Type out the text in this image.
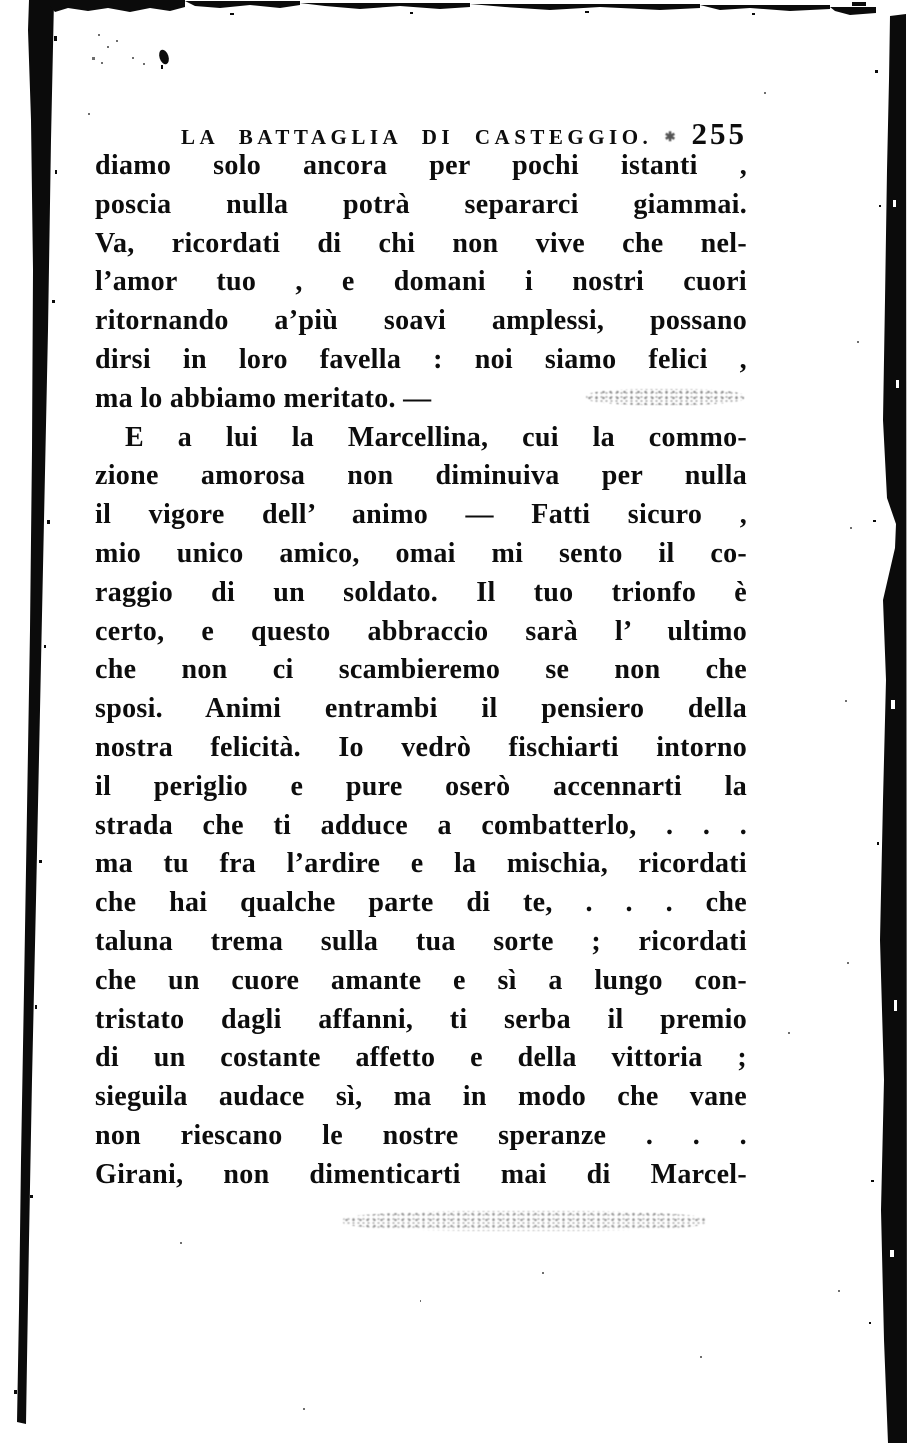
LA BATTAGLIA DI CASTEGGIO. ✱ 255
diamo solo ancora per pochi istanti ,
poscia nulla potrà separarci giammai.
Va, ricordati di chi non vive che nel-
l’amor tuo , e domani i nostri cuori
ritornando a’più soavi amplessi, possano
dirsi in loro favella : noi siamo felici ,
ma lo abbiamo meritato. —
E a lui la Marcellina, cui la commo-
zione amorosa non diminuiva per nulla
il vigore dell’ animo — Fatti sicuro ,
mio unico amico, omai mi sento il co-
raggio di un soldato. Il tuo trionfo è
certo, e questo abbraccio sarà l’ ultimo
che non ci scambieremo se non che
sposi. Animi entrambi il pensiero della
nostra felicità. Io vedrò fischiarti intorno
il periglio e pure oserò accennarti la
strada che ti adduce a combatterlo, . . .
ma tu fra l’ardire e la mischia, ricordati
che hai qualche parte di te, . . . che
taluna trema sulla tua sorte ; ricordati
che un cuore amante e sì a lungo con-
tristato dagli affanni, ti serba il premio
di un costante affetto e della vittoria ;
sieguila audace sì, ma in modo che vane
non riescano le nostre speranze . . .
Girani, non dimenticarti mai di Marcel-
